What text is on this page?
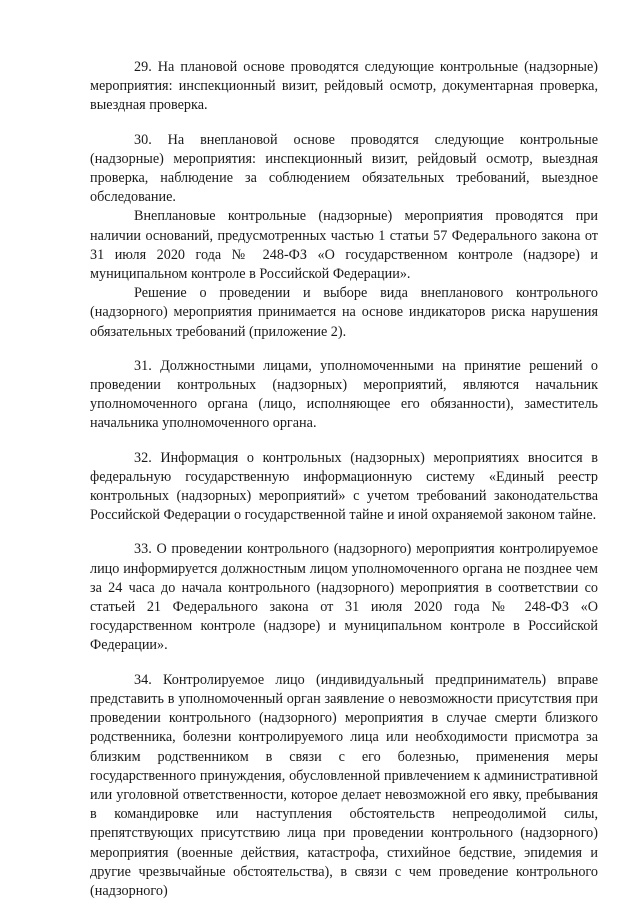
29. На плановой основе проводятся следующие контрольные (надзорные) мероприятия: инспекционный визит, рейдовый осмотр, документарная проверка, выездная проверка.

30. На внеплановой основе проводятся следующие контрольные (надзорные) мероприятия: инспекционный визит, рейдовый осмотр, выездная проверка, наблюдение за соблюдением обязательных требований, выездное обследование.

Внеплановые контрольные (надзорные) мероприятия проводятся при наличии оснований, предусмотренных частью 1 статьи 57 Федерального закона от 31 июля 2020 года № 248-ФЗ «О государственном контроле (надзоре) и муниципальном контроле в Российской Федерации».

Решение о проведении и выборе вида внепланового контрольного (надзорного) мероприятия принимается на основе индикаторов риска нарушения обязательных требований (приложение 2).

31. Должностными лицами, уполномоченными на принятие решений о проведении контрольных (надзорных) мероприятий, являются начальник уполномоченного органа (лицо, исполняющее его обязанности), заместитель начальника уполномоченного органа.

32. Информация о контрольных (надзорных) мероприятиях вносится в федеральную государственную информационную систему «Единый реестр контрольных (надзорных) мероприятий» с учетом требований законодательства Российской Федерации о государственной тайне и иной охраняемой законом тайне.

33. О проведении контрольного (надзорного) мероприятия контролируемое лицо информируется должностным лицом уполномоченного органа не позднее чем за 24 часа до начала контрольного (надзорного) мероприятия в соответствии со статьей 21 Федерального закона от 31 июля 2020 года № 248-ФЗ «О государственном контроле (надзоре) и муниципальном контроле в Российской Федерации».

34. Контролируемое лицо (индивидуальный предприниматель) вправе представить в уполномоченный орган заявление о невозможности присутствия при проведении контрольного (надзорного) мероприятия в случае смерти близкого родственника, болезни контролируемого лица или необходимости присмотра за близким родственником в связи с его болезнью, применения меры государственного принуждения, обусловленной привлечением к административной или уголовной ответственности, которое делает невозможной его явку, пребывания в командировке или наступления обстоятельств непреодолимой силы, препятствующих присутствию лица при проведении контрольного (надзорного) мероприятия (военные действия, катастрофа, стихийное бедствие, эпидемия и другие чрезвычайные обстоятельства), в связи с чем проведение контрольного (надзорного)
